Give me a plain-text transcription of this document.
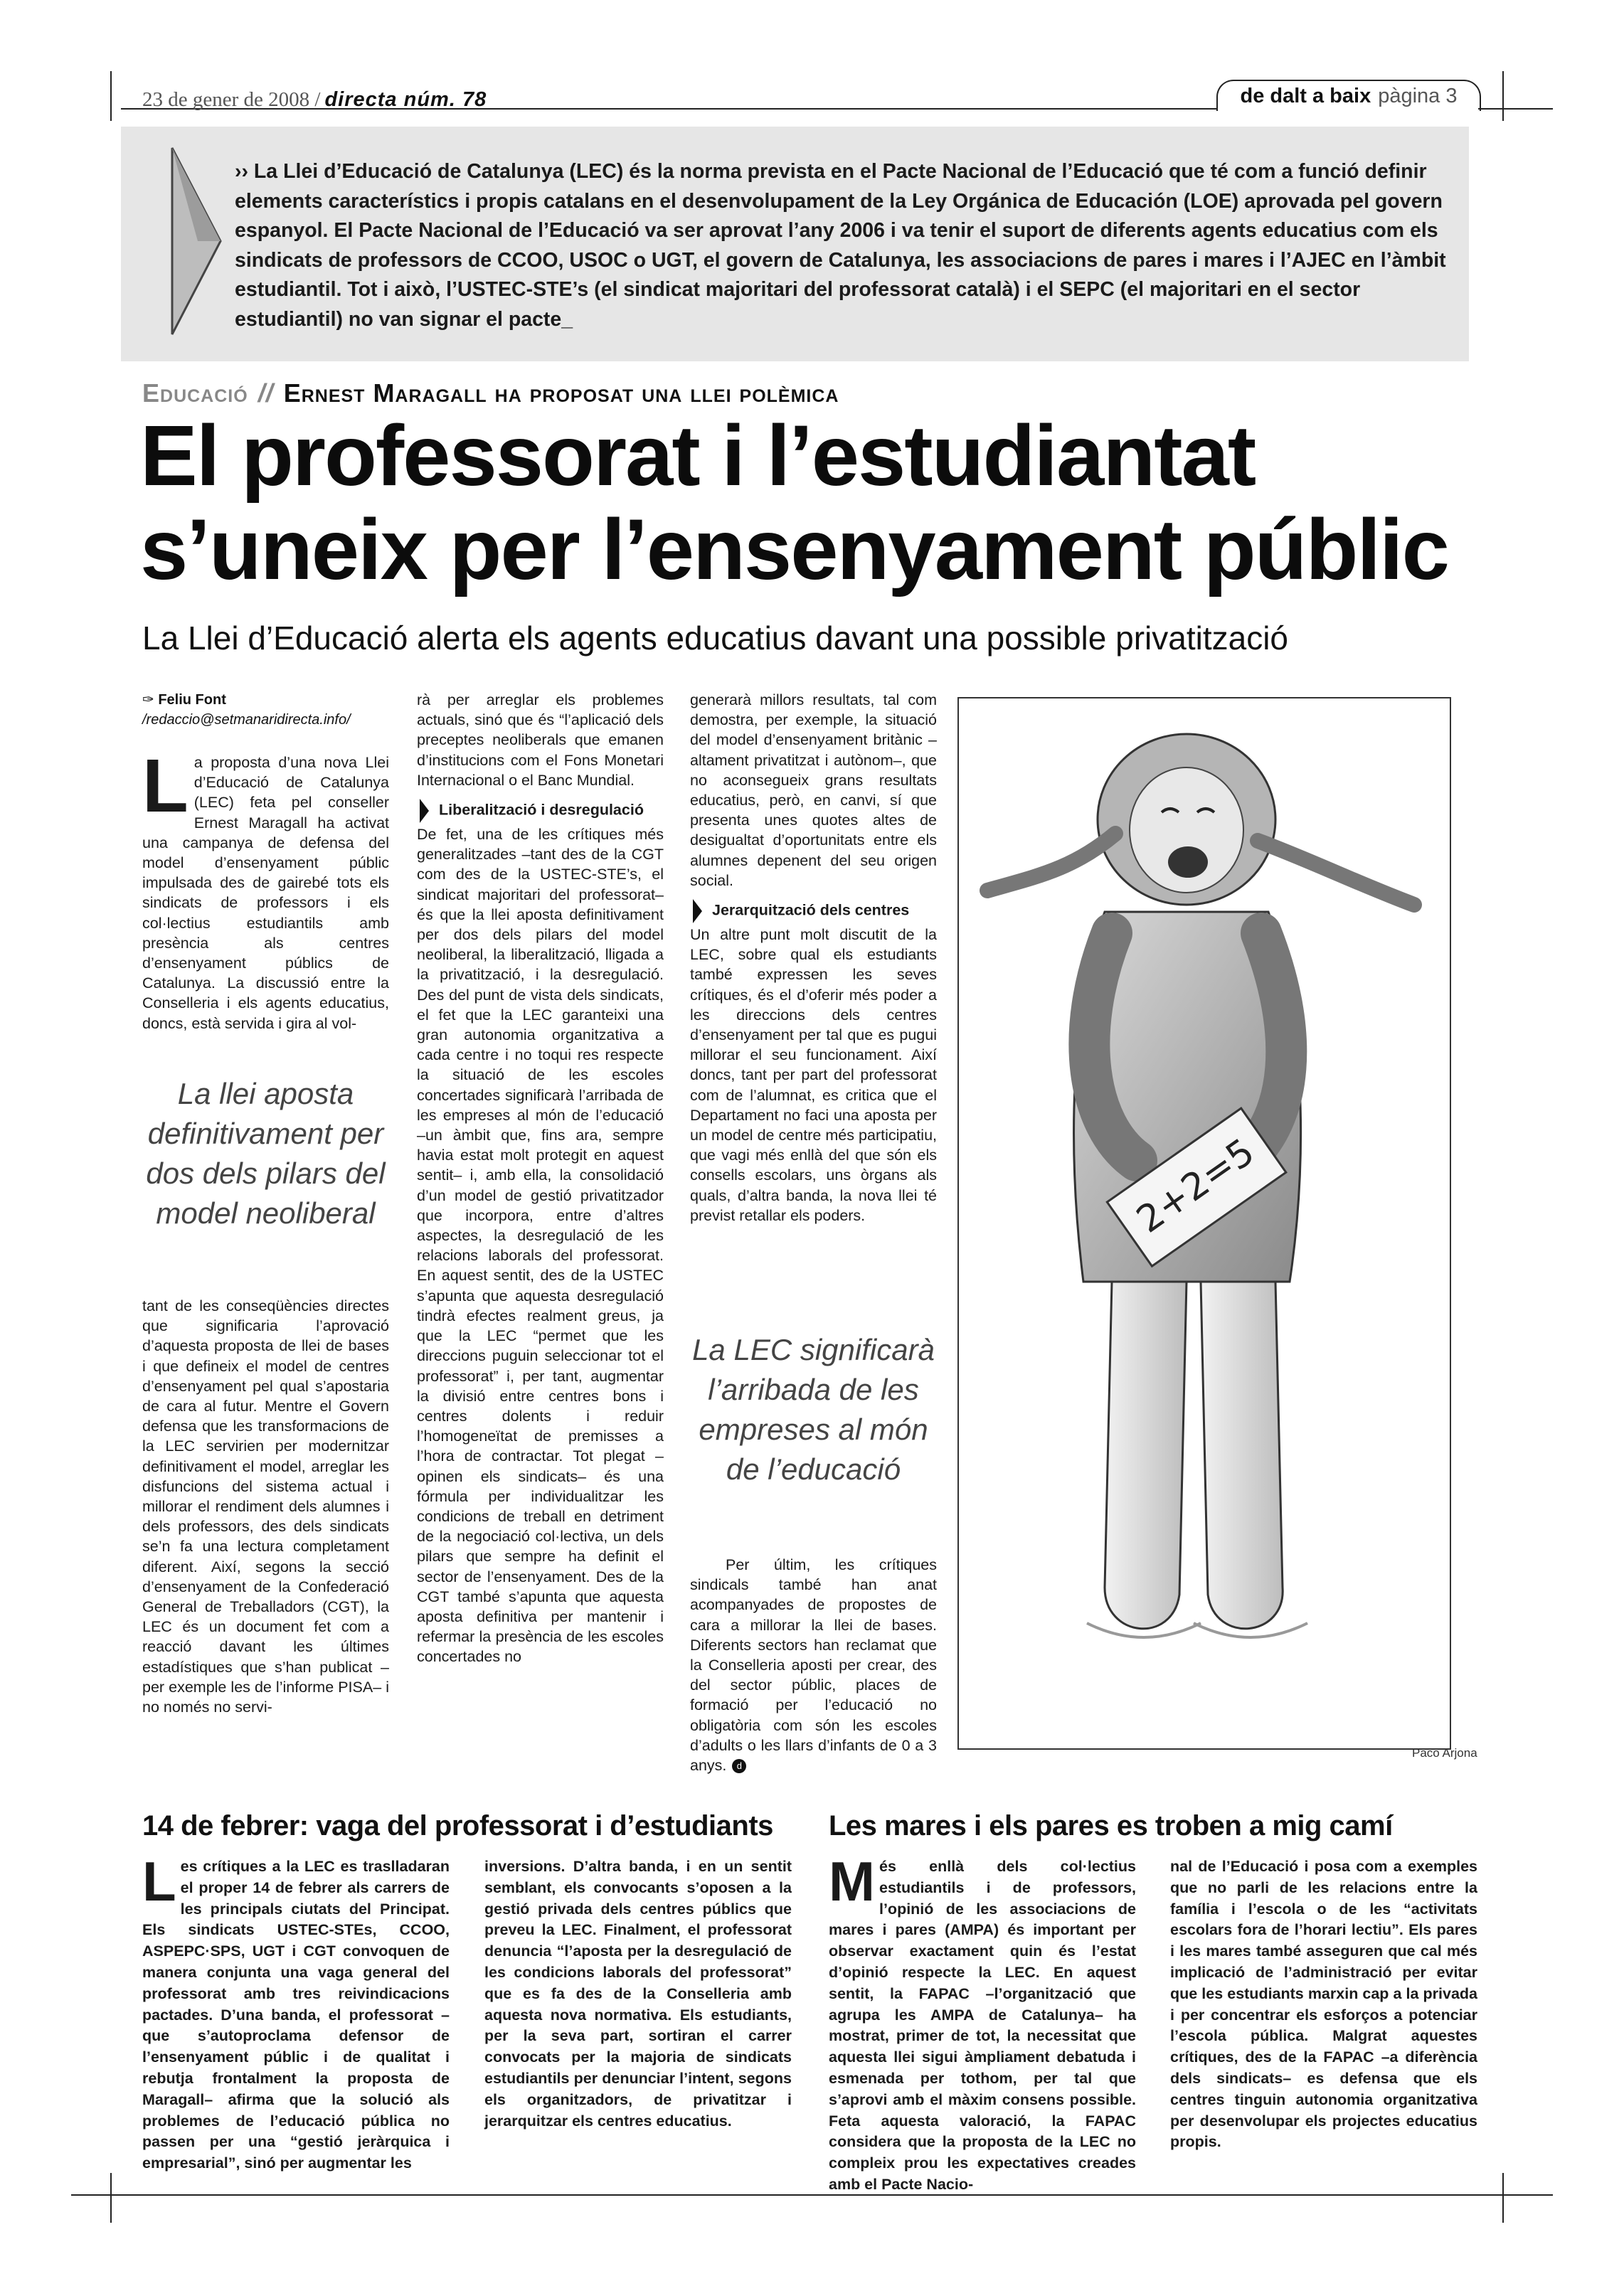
23 de gener de 2008 / directa núm. 78	de dalt a baix pàgina 3
›› La Llei d’Educació de Catalunya (LEC) és la norma prevista en el Pacte Nacional de l’Educació que té com a funció definir elements característics i propis catalans en el desenvolupament de la Ley Orgánica de Educación (LOE) aprovada pel govern espanyol. El Pacte Nacional de l’Educació va ser aprovat l’any 2006 i va tenir el suport de diferents agents educatius com els sindicats de professors de CCOO, USOC o UGT, el govern de Catalunya, les associacions de pares i mares i l’AJEC en l’àmbit estudiantil. Tot i això, l’USTEC-STE’s (el sindicat majoritari del professorat català) i el SEPC (el majoritari en el sector estudiantil) no van signar el pacte_
Educació // Ernest Maragall ha proposat una llei polèmica
El professorat i l’estudiantat s’uneix per l’ensenyament públic
La Llei d’Educació alerta els agents educatius davant una possible privatització
✑ Feliu Font
/redaccio@setmanaridirecta.info/

La proposta d’una nova Llei d’Educació de Catalunya (LEC) feta pel conseller Ernest Maragall ha activat una campanya de defensa del model d’ensenyament públic impulsada des de gairebé tots els sindicats de professors i els col·lectius estudiantils amb presència als centres d’ensenyament públics de Catalunya. La discussió entre la Conselleria i els agents educatius, doncs, està servida i gira al vol-

La llei aposta definitivament per dos dels pilars del model neoliberal

tant de les conseqüències directes que significaria l’aprovació d’aquesta proposta de llei de bases i que defineix el model de centres d’ensenyament pel qual s’apostaria de cara al futur. Mentre el Govern defensa que les transformacions de la LEC servirien per modernitzar definitivament el model, arreglar les disfuncions del sistema actual i millorar el rendiment dels alumnes i dels professors, des dels sindicats se’n fa una lectura completament diferent. Així, segons la secció d’ensenyament de la Confederació General de Treballadors (CGT), la LEC és un document fet com a reacció davant les últimes estadístiques que s’han publicat –per exemple les de l’informe PISA– i no només no servi-

rà per arreglar els problemes actuals, sinó que és “l’aplicació dels preceptes neoliberals que emanen d’institucions com el Fons Monetari Internacional o el Banc Mundial.

Liberalització i desregulació

De fet, una de les crítiques més generalitzades –tant des de la CGT com des de la USTEC-STE’s, el sindicat majoritari del professorat– és que la llei aposta definitivament per dos dels pilars del model neoliberal, la liberalització, lligada a la privatització, i la desregulació. Des del punt de vista dels sindicats, el fet que la LEC garanteixi una gran autonomia organitzativa a cada centre i no toqui res respecte la situació de les escoles concertades significarà l’arribada de les empreses al món de l’educació –un àmbit que, fins ara, sempre havia estat molt protegit en aquest sentit– i, amb ella, la consolidació d’un model de gestió privatitzador que incorpora, entre d’altres aspectes, la desregulació de les relacions laborals del professorat. En aquest sentit, des de la USTEC s’apunta que aquesta desregulació tindrà efectes realment greus, ja que la LEC “permet que les direccions puguin seleccionar tot el professorat” i, per tant, augmentar la divisió entre centres bons i centres dolents i reduir l’homogeneïtat de premisses a l’hora de contractar. Tot plegat –opinen els sindicats– és una fórmula per individualitzar les condicions de treball en detriment de la negociació col·lectiva, un dels pilars que sempre ha definit el sector de l’ensenyament. Des de la CGT també s’apunta que aquesta aposta definitiva per mantenir i refermar la presència de les escoles concertades no

generarà millors resultats, tal com demostra, per exemple, la situació del model d’ensenyament britànic –altament privatitzat i autònom–, que no aconsegueix grans resultats educatius, però, en canvi, sí que presenta unes quotes altes de desigualtat d’oportunitats entre els alumnes depenent del seu origen social.

Jerarquització dels centres

Un altre punt molt discutit de la LEC, sobre qual els estudiants també expressen les seves crítiques, és el d’oferir més poder a les direccions dels centres d’ensenyament per tal que es pugui millorar el seu funcionament. Així doncs, tant per part del professorat com de l’alumnat, es critica que el Departament no faci una aposta per un model de centre més participatiu, que vagi més enllà del que són els consells escolars, uns òrgans als quals, d’altra banda, la nova llei té previst retallar els poders.

La LEC significarà l’arribada de les empreses al món de l’educació

Per últim, les crítiques sindicals també han anat acompanyades de propostes de cara a millorar la llei de bases. Diferents sectors han reclamat que la Conselleria aposti per crear, des del sector públic, places de formació per l’educació no obligatòria com són les escoles d’adults o les llars d’infants de 0 a 3 anys. d

2+2=5
Paco Arjona
14 de febrer: vaga del professorat i d’estudiants

Les crítiques a la LEC es traslladaran el proper 14 de febrer als carrers de les principals ciutats del Principat. Els sindicats USTEC-STEs, CCOO, ASPEPC·SPS, UGT i CGT convoquen de manera conjunta una vaga general del professorat amb tres reivindicacions pactades. D’una banda, el professorat –que s’autoproclama defensor de l’ensenyament públic i de qualitat i rebutja frontalment la proposta de Maragall– afirma que la solució als problemes de l’educació pública no passen per una “gestió jeràrquica i empresarial”, sinó per augmentar les

inversions. D’altra banda, i en un sentit semblant, els convocants s’oposen a la gestió privada dels centres públics que preveu la LEC. Finalment, el professorat denuncia “l’aposta per la desregulació de les condicions laborals del professorat” que es fa des de la Conselleria amb aquesta nova normativa. Els estudiants, per la seva part, sortiran el carrer convocats per la majoria de sindicats estudiantils per denunciar l’intent, segons els organitzadors, de privatitzar i jerarquitzar els centres educatius.

Les mares i els pares es troben a mig camí

Més enllà dels col·lectius estudiantils i de professors, l’opinió de les associacions de mares i pares (AMPA) és important per observar exactament quin és l’estat d’opinió respecte la LEC. En aquest sentit, la FAPAC –l’organització que agrupa les AMPA de Catalunya– ha mostrat, primer de tot, la necessitat que aquesta llei sigui àmpliament debatuda i esmenada per tothom, per tal que s’aprovi amb el màxim consens possible. Feta aquesta valoració, la FAPAC considera que la proposta de la LEC no compleix prou les expectatives creades amb el Pacte Nacio-

nal de l’Educació i posa com a exemples que no parli de les relacions entre la família i l’escola o de les “activitats escolars fora de l’horari lectiu”. Els pares i les mares també asseguren que cal més implicació de l’administració per evitar que les estudiants marxin cap a la privada i per concentrar els esforços a potenciar l’escola pública. Malgrat aquestes crítiques, des de la FAPAC –a diferència dels sindicats– es defensa que els centres tinguin autonomia organitzativa per desenvolupar els projectes educatius propis.
